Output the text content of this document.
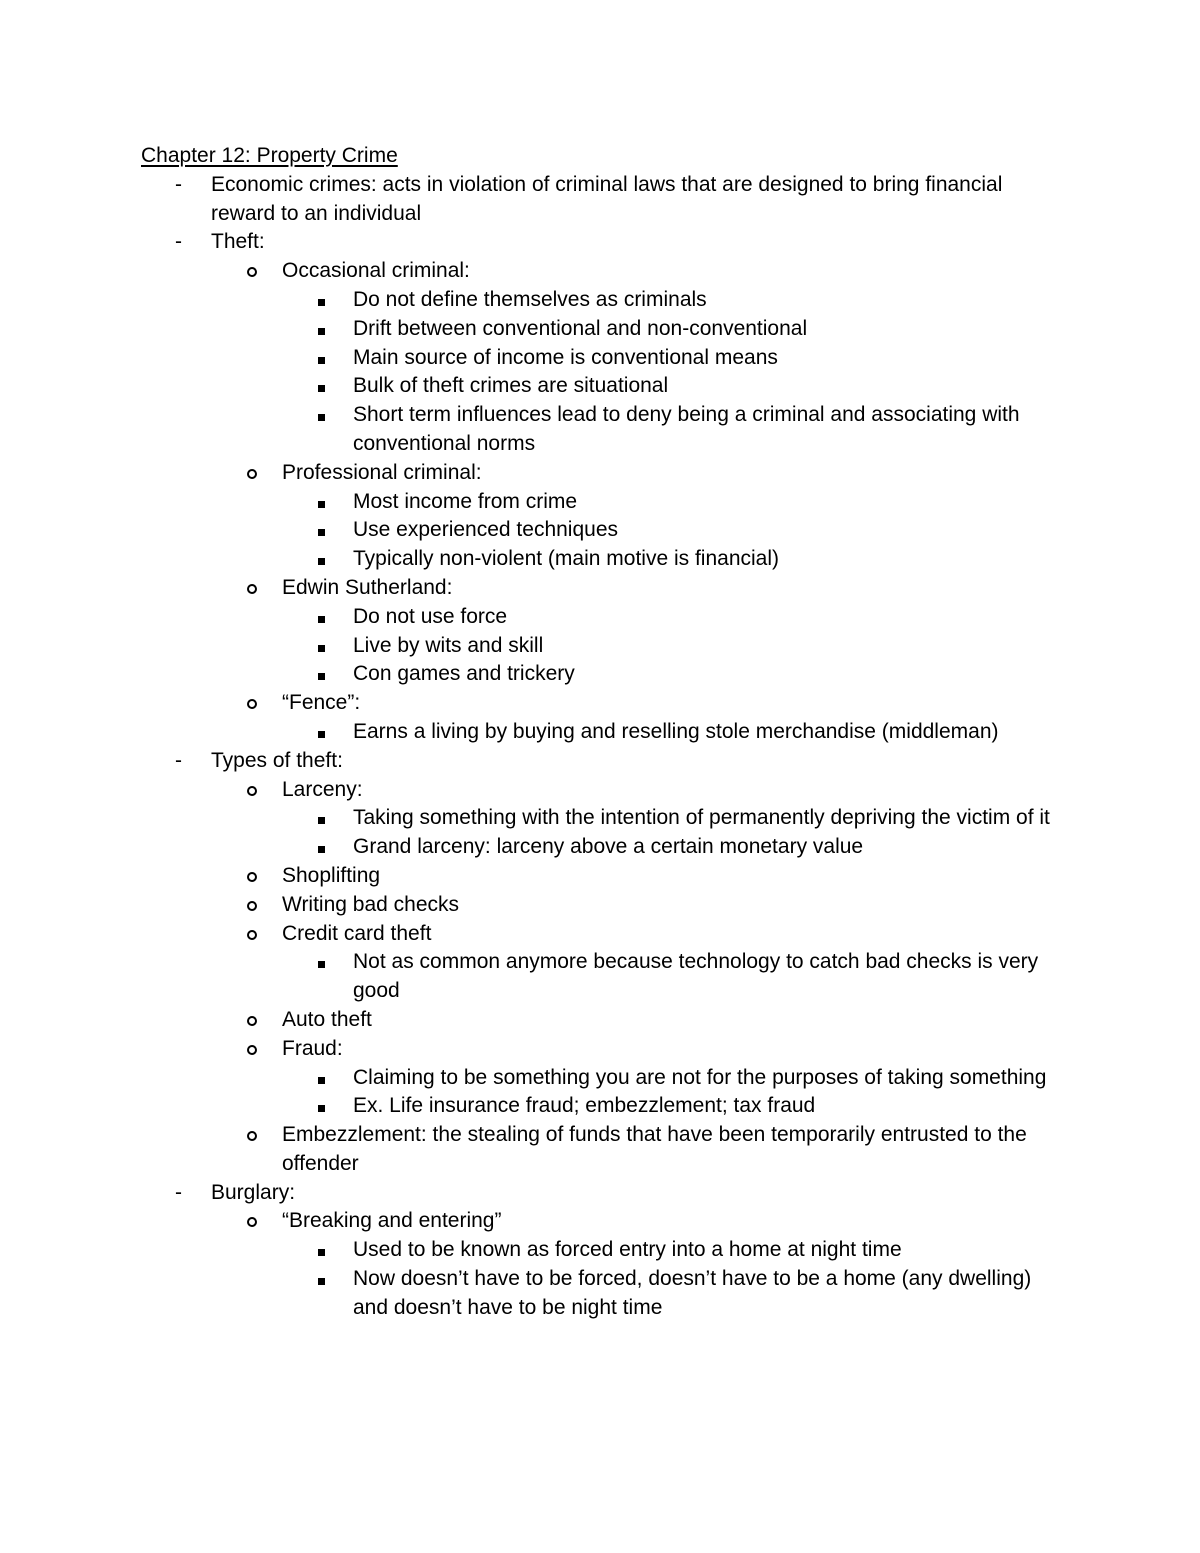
Chapter 12: Property Crime
-	Economic crimes: acts in violation of criminal laws that are designed to bring financial reward to an individual
-	Theft:
Occasional criminal:
Do not define themselves as criminals
Drift between conventional and non-conventional
Main source of income is conventional means
Bulk of theft crimes are situational
Short term influences lead to deny being a criminal and associating with conventional norms
Professional criminal:
Most income from crime
Use experienced techniques
Typically non-violent (main motive is financial)
Edwin Sutherland:
Do not use force
Live by wits and skill
Con games and trickery
“Fence”:
Earns a living by buying and reselling stole merchandise (middleman)
-	Types of theft:
Larceny:
Taking something with the intention of permanently depriving the victim of it
Grand larceny: larceny above a certain monetary value
Shoplifting
Writing bad checks
Credit card theft
Not as common anymore because technology to catch bad checks is very good
Auto theft
Fraud:
Claiming to be something you are not for the purposes of taking something
Ex. Life insurance fraud; embezzlement; tax fraud
Embezzlement: the stealing of funds that have been temporarily entrusted to the offender
-	Burglary:
“Breaking and entering”
Used to be known as forced entry into a home at night time
Now doesn’t have to be forced, doesn’t have to be a home (any dwelling) and doesn’t have to be night time
